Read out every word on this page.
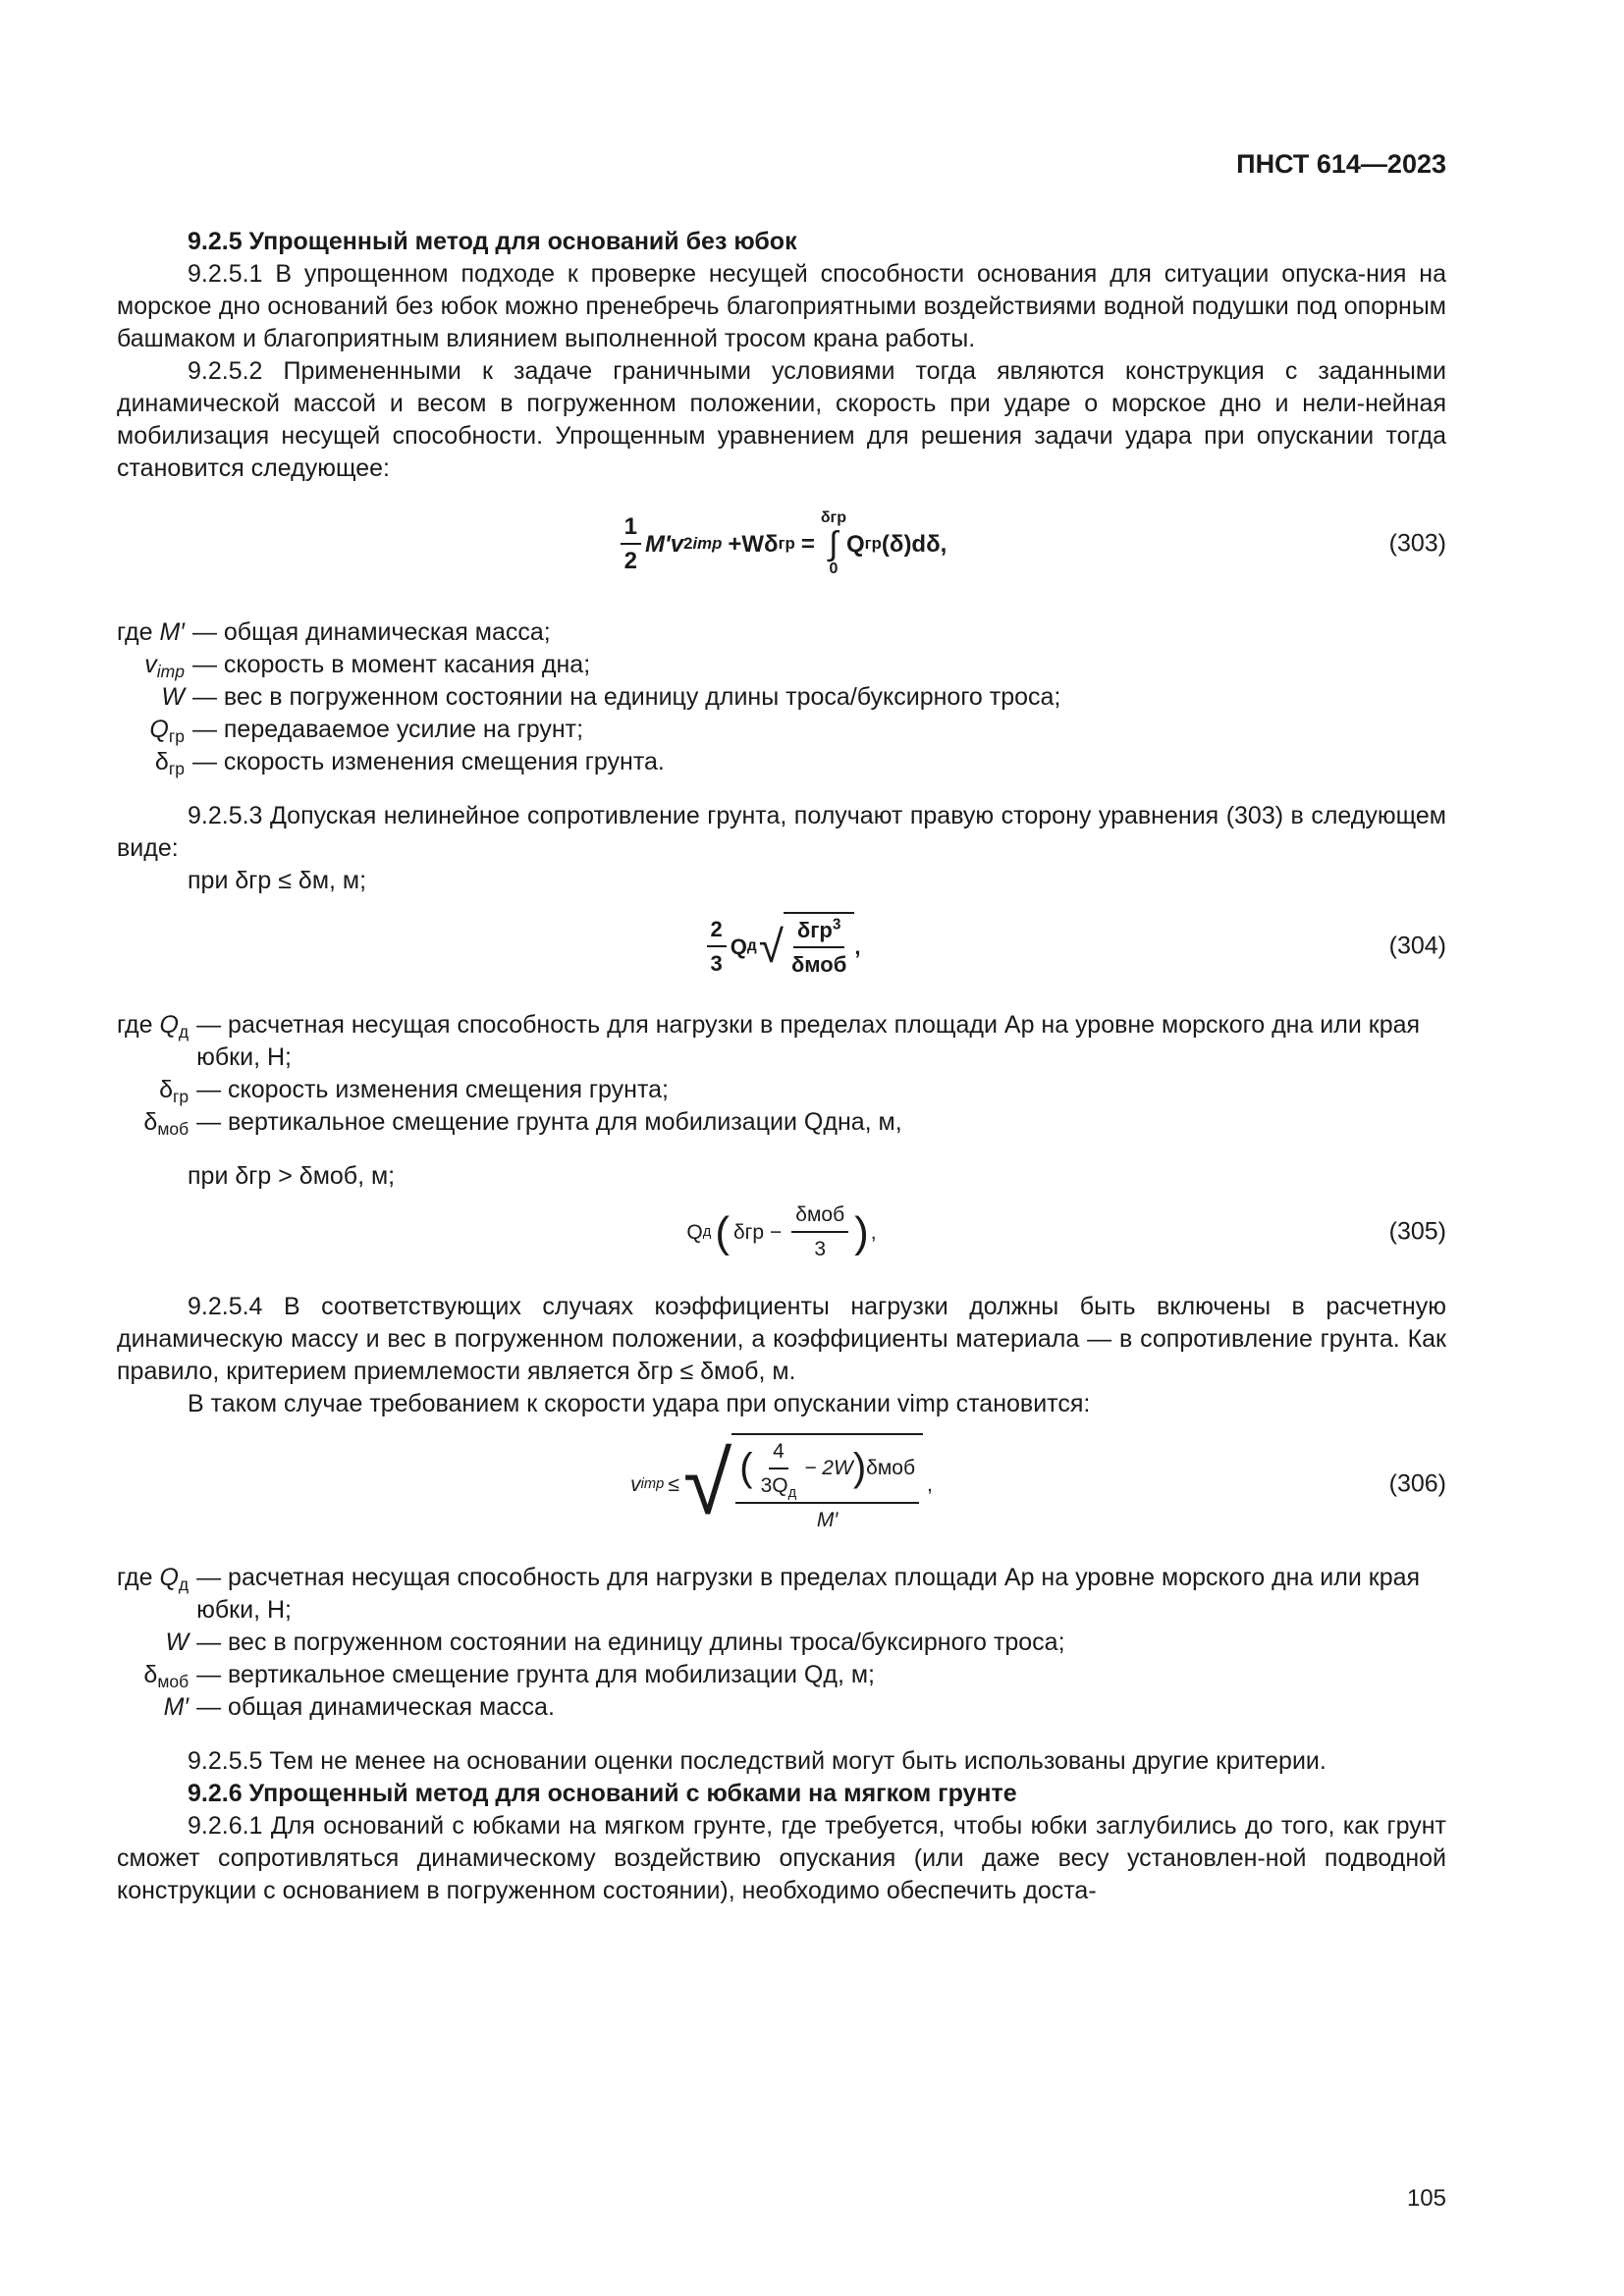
ПНСТ 614—2023

9.2.5 Упрощенный метод для оснований без юбок

9.2.5.1 В упрощенном подходе к проверке несущей способности основания для ситуации опуска-ния на морское дно оснований без юбок можно пренебречь благоприятными воздействиями водной подушки под опорным башмаком и благоприятным влиянием выполненной тросом крана работы.

9.2.5.2 Примененными к задаче граничными условиями тогда являются конструкция с заданными динамической массой и весом в погруженном положении, скорость при ударе о морское дно и нели-нейная мобилизация несущей способности. Упрощенным уравнением для решения задачи удара при опускании тогда становится следующее:

$\frac{1}{2} M'$ v 2 imp +W δ гр =
δгр
∫
0
Q гр (δ)dδ,	(303)
где M′ — общая динамическая масса;
$v_{imp}$ — скорость в момент касания дна;
W — вес в погруженном состоянии на единицу длины троса/буксирного троса;
$Q_{гр}$ — передаваемое усилие на грунт;
$\delta_{гр}$ — скорость изменения смещения грунта.

9.2.5.3 Допуская нелинейное сопротивление грунта, получают правую сторону уравнения (303) в следующем виде:

при δгр ≤ δм, м;

$\frac{2}{3}$ Q д √ $\frac{\delta гр^3}{\text{δмоб}}$ ,	(304)
где $Q_д$ — расчетная несущая способность для нагрузки в пределах площади Ap на уровне морского дна или края юбки, Н;
$\delta_{гр}$ — скорость изменения смещения грунта;
$\delta_{моб}$ — вертикальное смещение грунта для мобилизации Qдна, м,

при δгр > δмоб, м;

Q д ( $\delta гр - \frac{\text{δмоб}}{3}$ ) ,	(305)

9.2.5.4 В соответствующих случаях коэффициенты нагрузки должны быть включены в расчетную динамическую массу и вес в погруженном положении, а коэффициенты материала — в сопротивление грунта. Как правило, критерием приемлемости является δгр ≤ δмоб, м.

В таком случае требованием к скорости удара при опускании vimp становится:

v imp ≤ √ ( $\frac{4}{3Q_д} - 2W$ ) δмоб
M′
,	(306)
где $Q_д$ — расчетная несущая способность для нагрузки в пределах площади Ap на уровне морского дна или края юбки, Н;
W — вес в погруженном состоянии на единицу длины троса/буксирного троса;
$\delta_{моб}$ — вертикальное смещение грунта для мобилизации Qд, м;
M′ — общая динамическая масса.

9.2.5.5 Тем не менее на основании оценки последствий могут быть использованы другие критерии.

9.2.6 Упрощенный метод для оснований с юбками на мягком грунте

9.2.6.1 Для оснований с юбками на мягком грунте, где требуется, чтобы юбки заглубились до того, как грунт сможет сопротивляться динамическому воздействию опускания (или даже весу установлен-ной подводной конструкции с основанием в погруженном состоянии), необходимо обеспечить доста-

105
